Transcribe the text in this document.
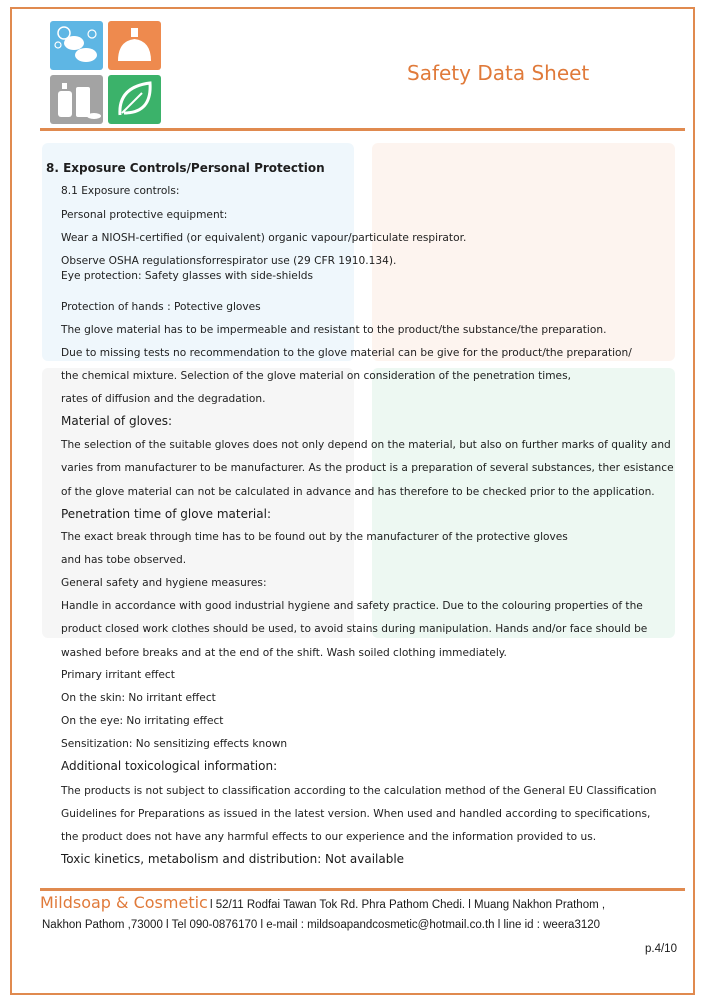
Safety Data Sheet
8. Exposure Controls/Personal Protection
8.1 Exposure controls:
Personal protective equipment:
Wear a NIOSH-certified (or equivalent) organic vapour/particulate respirator.
Observe OSHA regulationsforrespirator use (29 CFR 1910.134).
Eye protection: Safety glasses with side-shields
Protection of hands : Potective gloves
The glove material has to be impermeable and resistant to the product/the substance/the preparation.
Due to missing tests no recommendation to the glove material can be give for the product/the preparation/
the chemical mixture. Selection of the glove material on consideration of the penetration times,
rates of diffusion and the degradation.
Material of gloves:
The selection of the suitable gloves does not only depend on the material, but also on further marks of quality and
varies from manufacturer to be manufacturer. As the product is a preparation of several substances, ther esistance
of the glove material can not be calculated in advance and has therefore to be checked prior to the application.
Penetration time of glove material:
The exact break through time has to be found out by the manufacturer of the protective gloves
and has tobe observed.
General safety and hygiene measures:
Handle in accordance with good industrial hygiene and safety practice. Due to the colouring properties of the
product closed work clothes should be used, to avoid stains during manipulation. Hands and/or face should be
washed before breaks and at the end of the shift. Wash soiled clothing immediately.
Primary irritant effect
On the skin: No irritant effect
On the eye: No irritating effect
Sensitization: No sensitizing effects known
Additional toxicological information:
The products is not subject to classification according to the calculation method of the General EU Classification
Guidelines for Preparations as issued in the latest version. When used and handled according to specifications,
the product does not have any harmful effects to our experience and the information provided to us.
Toxic kinetics, metabolism and distribution: Not available
Mildsoap & Cosmetic l 52/11 Rodfai Tawan Tok Rd. Phra Pathom Chedi. l Muang Nakhon Prathom ,
Nakhon Pathom ,73000 l Tel 090-0876170 l e-mail : mildsoapandcosmetic@hotmail.co.th l line id : weera3120
p.4/10
